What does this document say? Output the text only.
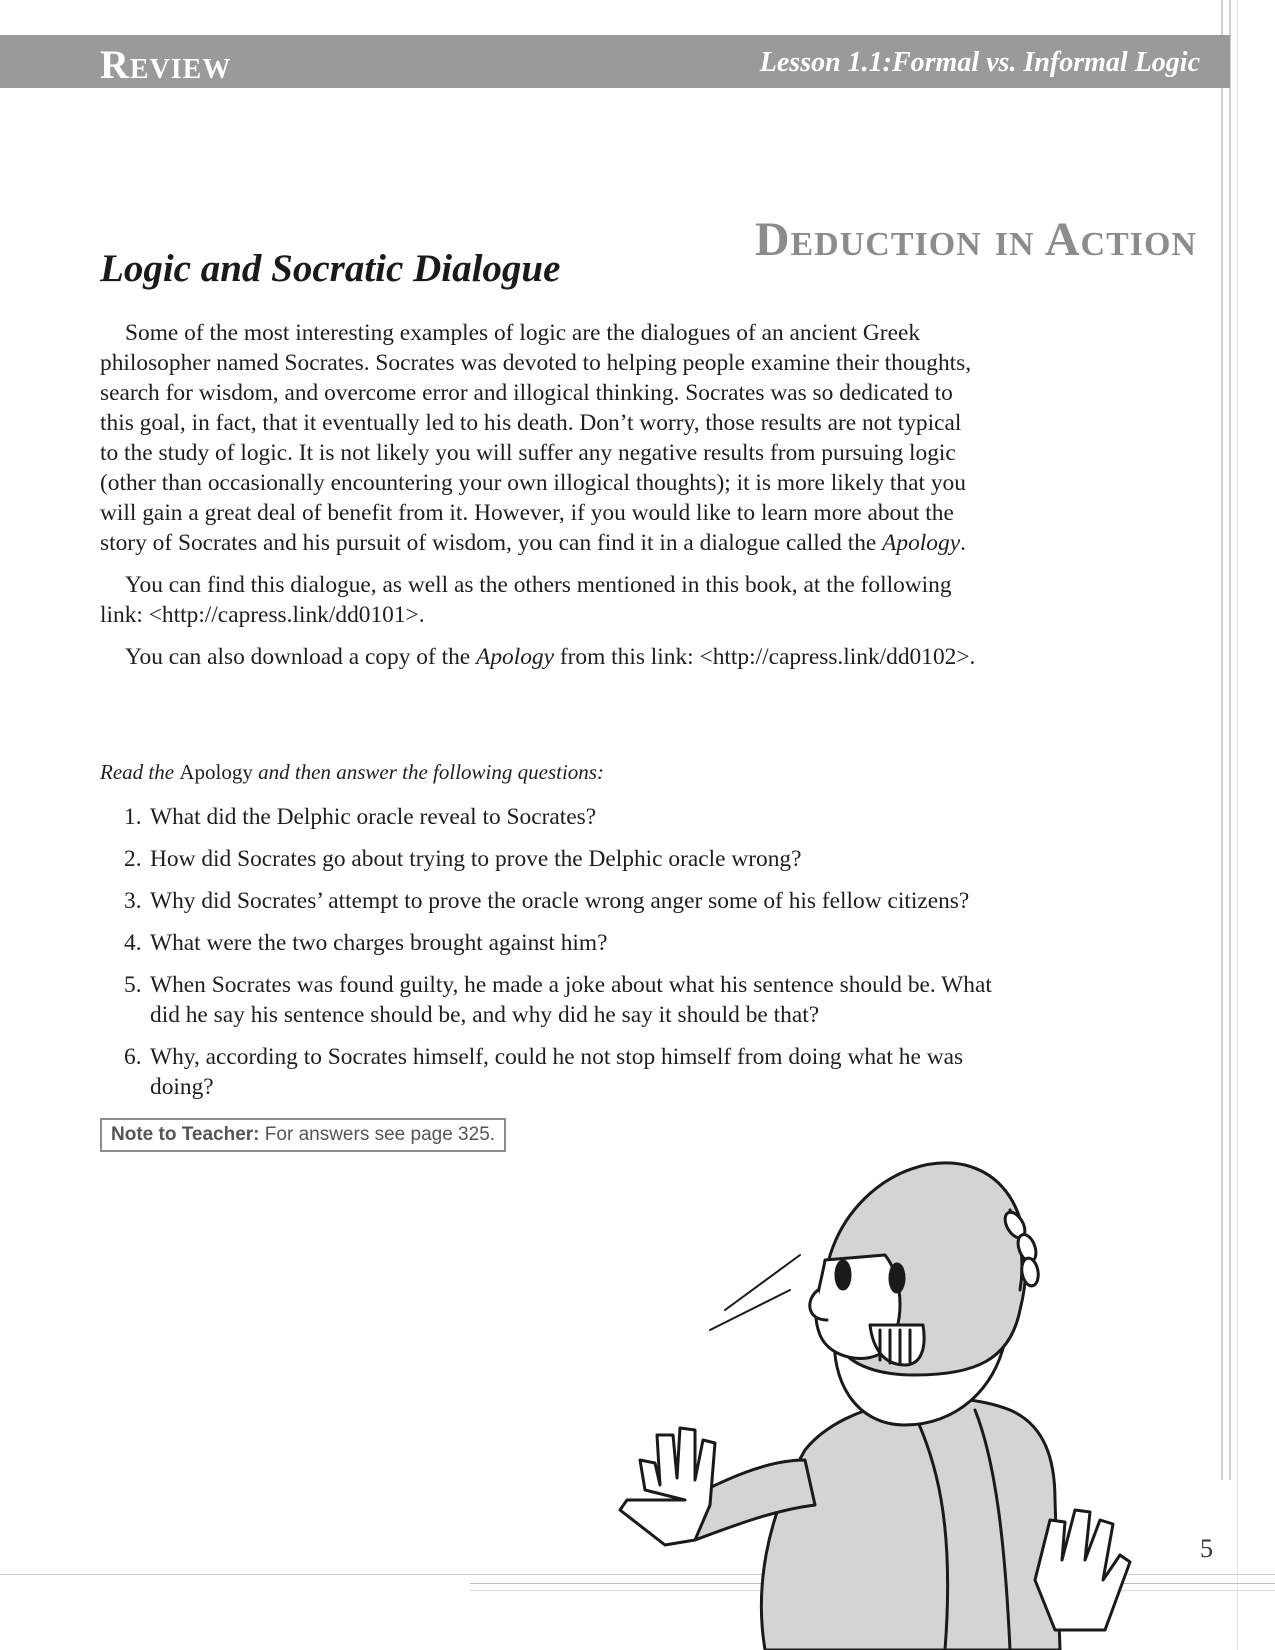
Review	Lesson 1.1:Formal vs. Informal Logic
Deduction in Action
Logic and Socratic Dialogue

Some of the most interesting examples of logic are the dialogues of an ancient Greek philosopher named Socrates. Socrates was devoted to helping people examine their thoughts, search for wisdom, and overcome error and illogical thinking. Socrates was so dedicated to this goal, in fact, that it eventually led to his death. Don’t worry, those results are not typical to the study of logic. It is not likely you will suffer any negative results from pursuing logic (other than occasionally encountering your own illogical thoughts); it is more likely that you will gain a great deal of benefit from it. However, if you would like to learn more about the story of Socrates and his pursuit of wisdom, you can find it in a dialogue called the Apology.

You can find this dialogue, as well as the others mentioned in this book, at the following link: <http://capress.link/dd0101>.

You can also download a copy of the Apology from this link: <http://capress.link/dd0102>.

Read the Apology and then answer the following questions:
1. What did the Delphic oracle reveal to Socrates?
2. How did Socrates go about trying to prove the Delphic oracle wrong?
3. Why did Socrates’ attempt to prove the oracle wrong anger some of his fellow citizens?
4. What were the two charges brought against him?
5. When Socrates was found guilty, he made a joke about what his sentence should be. What did he say his sentence should be, and why did he say it should be that?
6. Why, according to Socrates himself, could he not stop himself from doing what he was doing?
Note to Teacher: For answers see page 325.
5
